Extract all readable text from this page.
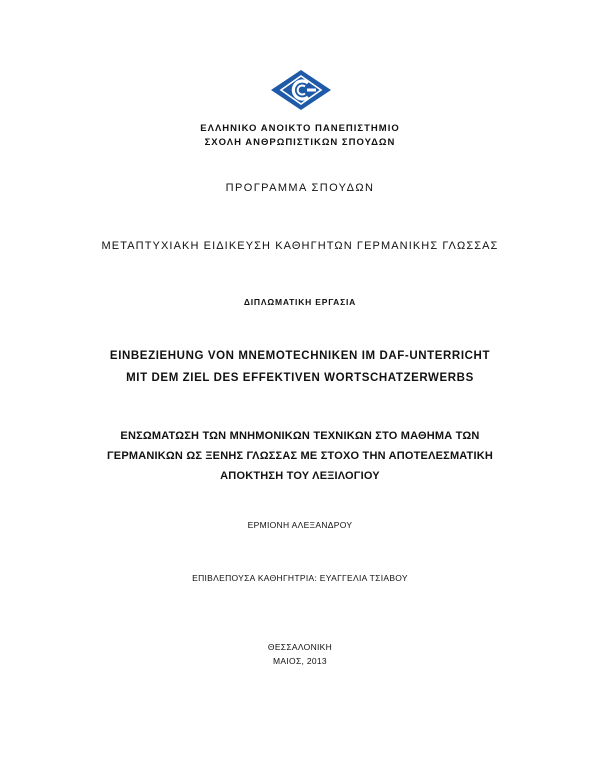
ΕΛΛΗΝΙΚΟ ΑΝΟΙΚΤΟ ΠΑΝΕΠΙΣΤΗΜΙΟ
ΣΧΟΛΗ ΑΝΘΡΩΠΙΣΤΙΚΩΝ ΣΠΟΥΔΩΝ
ΠΡΟΓΡΑΜΜΑ ΣΠΟΥΔΩΝ
ΜΕΤΑΠΤΥΧΙΑΚΗ ΕΙΔΙΚΕΥΣΗ ΚΑΘΗΓΗΤΩΝ ΓΕΡΜΑΝΙΚΗΣ ΓΛΩΣΣΑΣ
ΔΙΠΛΩΜΑΤΙΚΗ ΕΡΓΑΣΙΑ
EINBEZIEHUNG VON MNEMOTECHNIKEN IM DAF-UNTERRICHT
MIT DEM ZIEL DES EFFEKTIVEN WORTSCHATZERWERBS
ΕΝΣΩΜΑΤΩΣΗ ΤΩΝ ΜΝΗΜΟΝΙΚΩΝ ΤΕΧΝΙΚΩΝ ΣΤΟ ΜΑΘΗΜΑ ΤΩΝ
ΓΕΡΜΑΝΙΚΩΝ ΩΣ ΞΕΝΗΣ ΓΛΩΣΣΑΣ ΜΕ ΣΤΟΧΟ ΤΗΝ ΑΠΟΤΕΛΕΣΜΑΤΙΚΗ
ΑΠΟΚΤΗΣΗ ΤΟΥ ΛΕΞΙΛΟΓΙΟΥ
ΕΡΜΙΟΝΗ ΑΛΕΞΑΝΔΡΟΥ
ΕΠΙΒΛΕΠΟΥΣΑ ΚΑΘΗΓΗΤΡΙΑ: ΕΥΑΓΓΕΛΙΑ ΤΣΙΑΒΟΥ
ΘΕΣΣΑΛΟΝΙΚΗ
ΜΑΙΟΣ, 2013
